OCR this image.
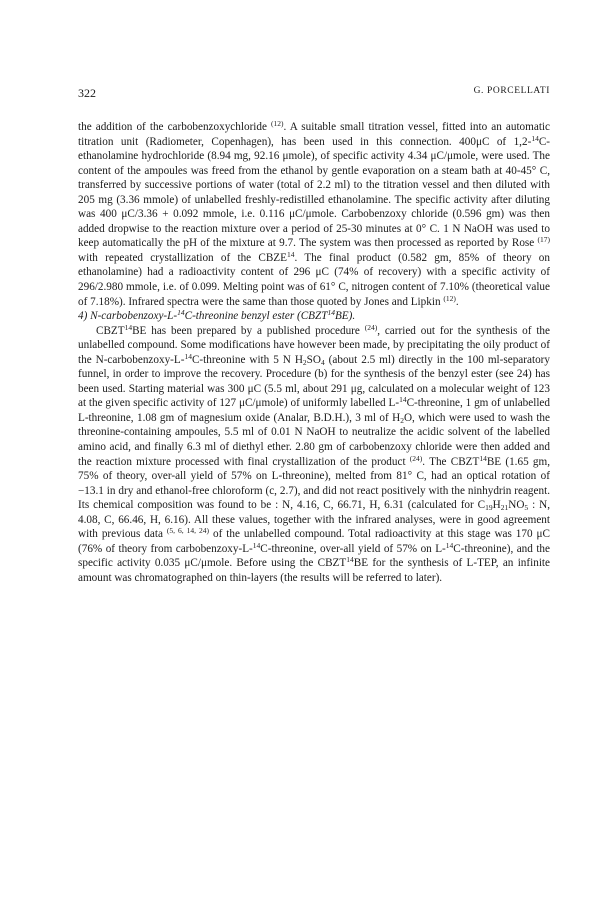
322	G. PORCELLATI

the addition of the carbobenzoxychloride $^{(12)}$. A suitable small titration vessel, fitted into an automatic titration unit (Radiometer, Copenhagen), has been used in this connection. 400μC of 1,2-$^{14}$C-ethanolamine hydrochloride (8.94 mg, 92.16 μmole), of specific activity 4.34 μC/μmole, were used. The content of the ampoules was freed from the ethanol by gentle evaporation on a steam bath at 40-45° C, transferred by successive portions of water (total of 2.2 ml) to the titration vessel and then diluted with 205 mg (3.36 mmole) of unlabelled freshly-redistilled ethanolamine. The specific activity after diluting was 400 μC/3.36 + 0.092 mmole, i.e. 0.116 μC/μmole. Carbobenzoxy chloride (0.596 gm) was then added dropwise to the reaction mixture over a period of 25-30 minutes at 0° C. 1 N NaOH was used to keep automatically the pH of the mixture at 9.7. The system was then processed as reported by Rose $^{(17)}$ with repeated crystallization of the CBZE$^{14}$. The final product (0.582 gm, 85% of theory on ethanolamine) had a radioactivity content of 296 μC (74% of recovery) with a specific activity of 296/2.980 mmole, i.e. of 0.099. Melting point was of 61° C, nitrogen content of 7.10% (theoretical value of 7.18%). Infrared spectra were the same than those quoted by Jones and Lipkin $^{(12)}$.

4) N-carbobenzoxy-L-$^{14}$C-threonine benzyl ester (CBZT$^{14}$BE).

CBZT$^{14}$BE has been prepared by a published procedure $^{(24)}$, carried out for the synthesis of the unlabelled compound. Some modifications have however been made, by precipitating the oily product of the N-carbobenzoxy-L-$^{14}$C-threonine with 5 N $H_2SO_4$ (about 2.5 ml) directly in the 100 ml-separatory funnel, in order to improve the recovery. Procedure (b) for the synthesis of the benzyl ester (see 24) has been used. Starting material was 300 μC (5.5 ml, about 291 μg, calculated on a molecular weight of 123 at the given specific activity of 127 μC/μmole) of uniformly labelled L-$^{14}$C-threonine, 1 gm of unlabelled L-threonine, 1.08 gm of magnesium oxide (Analar, B.D.H.), 3 ml of $H_2O$, which were used to wash the threonine-containing ampoules, 5.5 ml of 0.01 N NaOH to neutralize the acidic solvent of the labelled amino acid, and finally 6.3 ml of diethyl ether. 2.80 gm of carbobenzoxy chloride were then added and the reaction mixture processed with final crystallization of the product $^{(24)}$. The CBZT$^{14}$BE (1.65 gm, 75% of theory, over-all yield of 57% on L-threonine), melted from 81° C, had an optical rotation of −13.1 in dry and ethanol-free chloroform (c, 2.7), and did not react positively with the ninhydrin reagent. Its chemical composition was found to be : N, 4.16, C, 66.71, H, 6.31 (calculated for $C_{19}H_{21}NO_5$ : N, 4.08, C, 66.46, H, 6.16). All these values, together with the infrared analyses, were in good agreement with previous data $^{(5, 6, 14, 24)}$ of the unlabelled compound. Total radioactivity at this stage was 170 μC (76% of theory from carbobenzoxy-L-$^{14}$C-threonine, over-all yield of 57% on L-$^{14}$C-threonine), and the specific activity 0.035 μC/μmole. Before using the CBZT$^{14}$BE for the synthesis of L-TEP, an infinite amount was chromatographed on thin-layers (the results will be referred to later).
